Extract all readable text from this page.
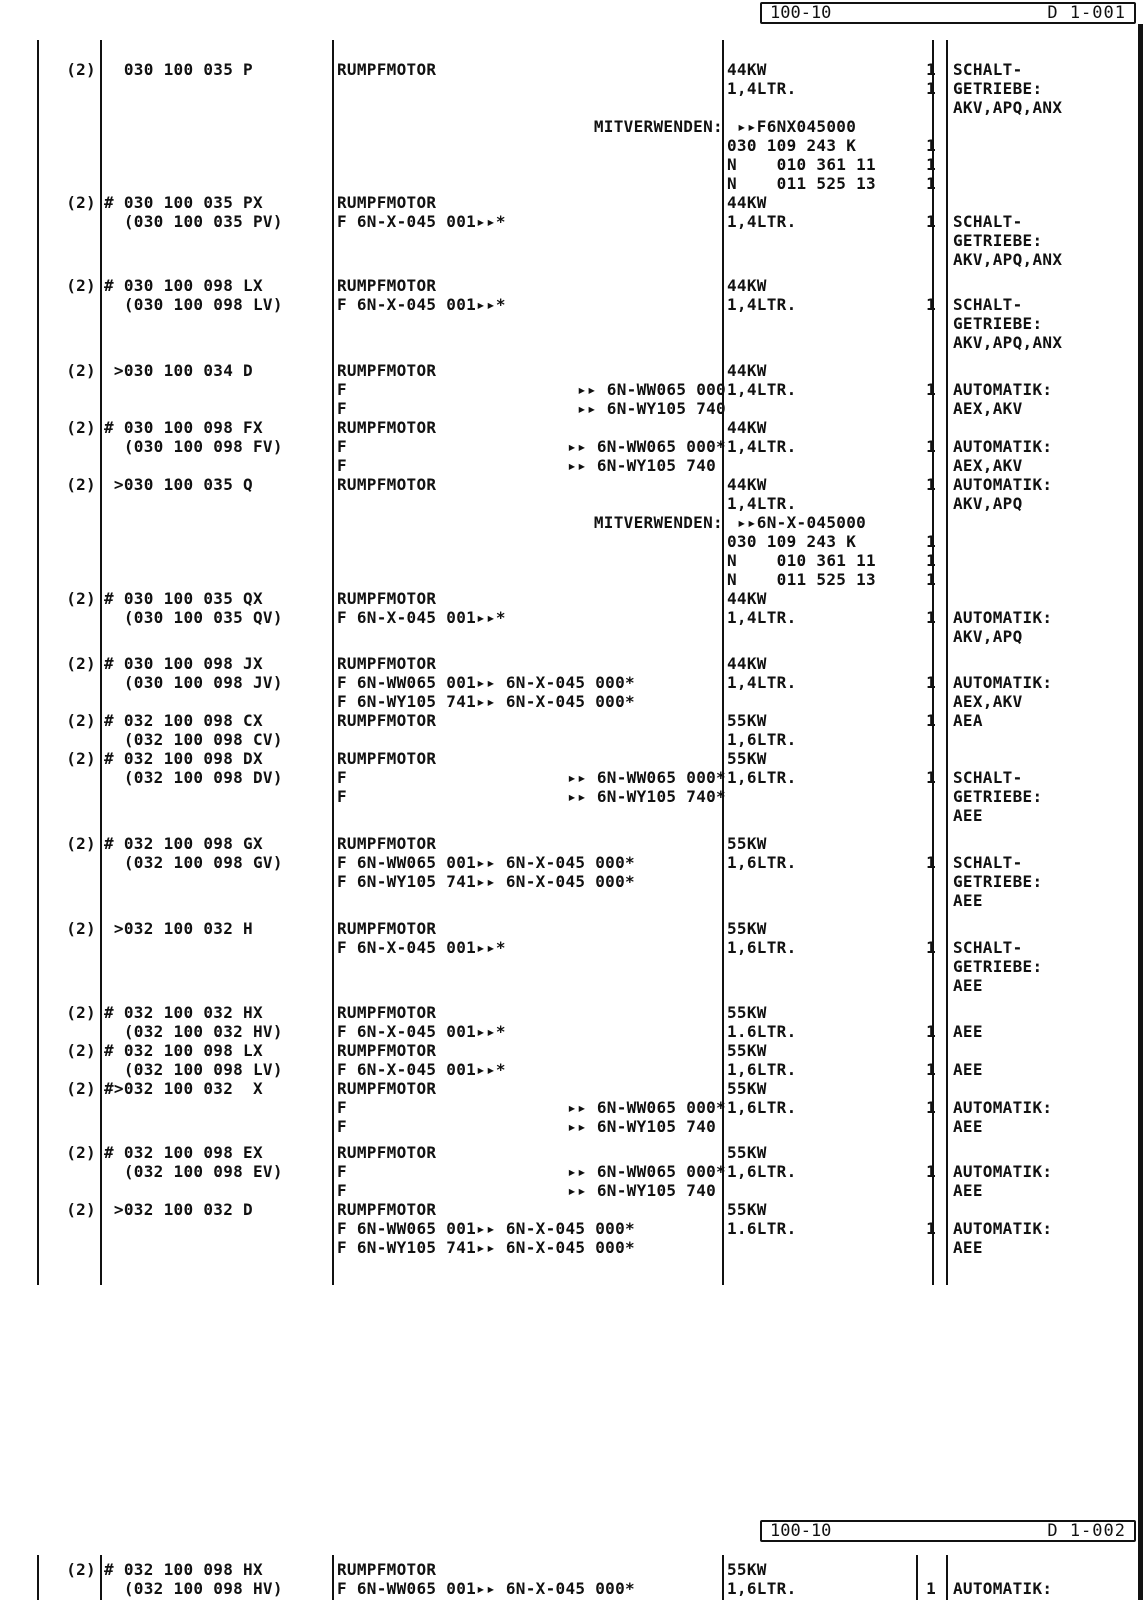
100-10	D 1-001
(2) 030 100 035 P	RUMPFMOTOR	44KW	1 SCHALT-
1,4LTR.	1 GETRIEBE:
AKV,APQ,ANX
MITVERWENDEN: ▸▸F6NX045000
030 109 243 K	1
N    010 361 11	1
N    011 525 13	1
(2) # 030 100 035 PX	RUMPFMOTOR	44KW
(030 100 035 PV)	F 6N-X-045 001▸▸*	1,4LTR.	1 SCHALT-
GETRIEBE:
AKV,APQ,ANX
(2) # 030 100 098 LX	RUMPFMOTOR	44KW
(030 100 098 LV)	F 6N-X-045 001▸▸*	1,4LTR.	1 SCHALT-
GETRIEBE:
AKV,APQ,ANX
(2) >030 100 034 D	RUMPFMOTOR	44KW
F	▸▸ 6N-WW065 000 1,4LTR.	1 AUTOMATIK:
F	▸▸ 6N-WY105 740	AEX,AKV
(2) # 030 100 098 FX	RUMPFMOTOR	44KW
(030 100 098 FV)	F	▸▸ 6N-WW065 000* 1,4LTR.	1 AUTOMATIK:
F	▸▸ 6N-WY105 740	AEX,AKV
(2) >030 100 035 Q	RUMPFMOTOR	44KW	1 AUTOMATIK:
1,4LTR.	AKV,APQ
MITVERWENDEN: ▸▸6N-X-045000
030 109 243 K	1
N    010 361 11	1
N    011 525 13	1
(2) # 030 100 035 QX	RUMPFMOTOR	44KW
(030 100 035 QV)	F 6N-X-045 001▸▸*	1,4LTR.	1 AUTOMATIK:
AKV,APQ
(2) # 030 100 098 JX	RUMPFMOTOR	44KW
(030 100 098 JV)	F 6N-WW065 001▸▸ 6N-X-045 000*	1,4LTR.	1 AUTOMATIK:
F 6N-WY105 741▸▸ 6N-X-045 000*	AEX,AKV
(2) # 032 100 098 CX	RUMPFMOTOR	55KW	1 AEA
(032 100 098 CV)	1,6LTR.
(2) # 032 100 098 DX	RUMPFMOTOR	55KW
(032 100 098 DV)	F	▸▸ 6N-WW065 000* 1,6LTR.	1 SCHALT-
F	▸▸ 6N-WY105 740*	GETRIEBE:
AEE
(2) # 032 100 098 GX	RUMPFMOTOR	55KW
(032 100 098 GV)	F 6N-WW065 001▸▸ 6N-X-045 000*	1,6LTR.	1 SCHALT-
F 6N-WY105 741▸▸ 6N-X-045 000*	GETRIEBE:
AEE
(2) >032 100 032 H	RUMPFMOTOR	55KW
F 6N-X-045 001▸▸*	1,6LTR.	1 SCHALT-
GETRIEBE:
AEE
(2) # 032 100 032 HX	RUMPFMOTOR	55KW
(032 100 032 HV)	F 6N-X-045 001▸▸*	1.6LTR.	1 AEE
(2) # 032 100 098 LX	RUMPFMOTOR	55KW
(032 100 098 LV)	F 6N-X-045 001▸▸*	1,6LTR.	1 AEE
(2) #>032 100 032  X	RUMPFMOTOR	55KW
F	▸▸ 6N-WW065 000* 1,6LTR.	1 AUTOMATIK:
F	▸▸ 6N-WY105 740	AEE
(2) # 032 100 098 EX	RUMPFMOTOR	55KW
(032 100 098 EV)	F	▸▸ 6N-WW065 000* 1,6LTR.	1 AUTOMATIK:
F	▸▸ 6N-WY105 740	AEE
(2) >032 100 032 D	RUMPFMOTOR	55KW
F 6N-WW065 001▸▸ 6N-X-045 000*	1.6LTR.	1 AUTOMATIK:
F 6N-WY105 741▸▸ 6N-X-045 000*	AEE
100-10	D 1-002
(2) # 032 100 098 HX	RUMPFMOTOR	55KW
(032 100 098 HV)	F 6N-WW065 001▸▸ 6N-X-045 000*	1,6LTR.	1 AUTOMATIK:
